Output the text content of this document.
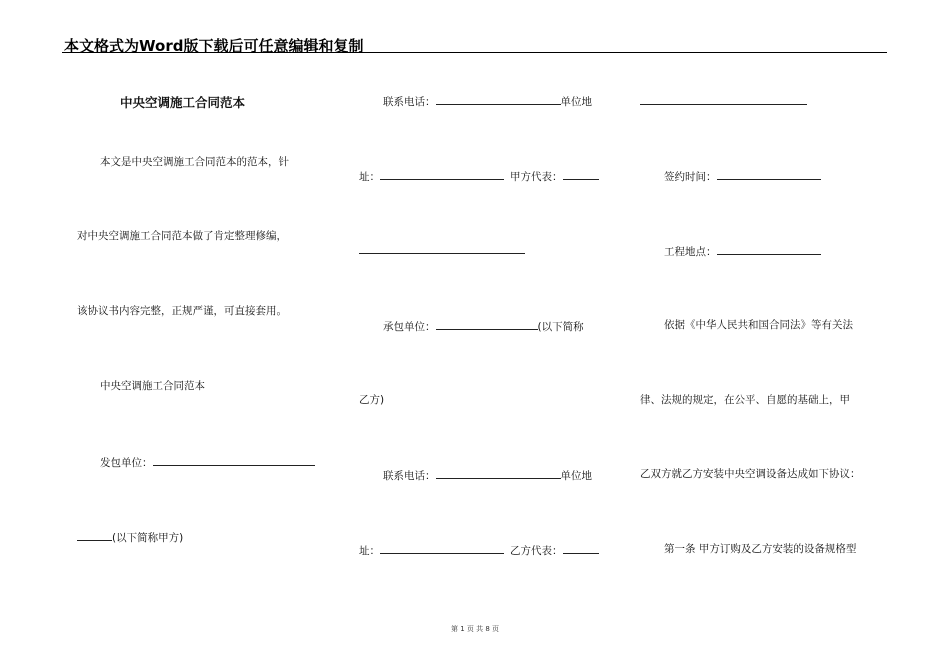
本文格式为Word版下载后可任意编辑和复制
中央空调施工合同范本
本文是中央空调施工合同范本的范本，针
对中央空调施工合同范本做了肯定整理修编，
该协议书内容完整，正规严谨，可直接套用。
中央空调施工合同范本
发包单位：
(以下简称甲方)
联系电话：	单位地
址：	甲方代表：
承包单位：	(以下简称
乙方)
联系电话：	单位地
址：	乙方代表：
签约时间：
工程地点：
依据《中华人民共和国合同法》等有关法
律、法规的规定，在公平、自愿的基础上，甲
乙双方就乙方安装中央空调设备达成如下协议：
第一条 甲方订购及乙方安装的设备规格型
第 1 页 共 8 页
